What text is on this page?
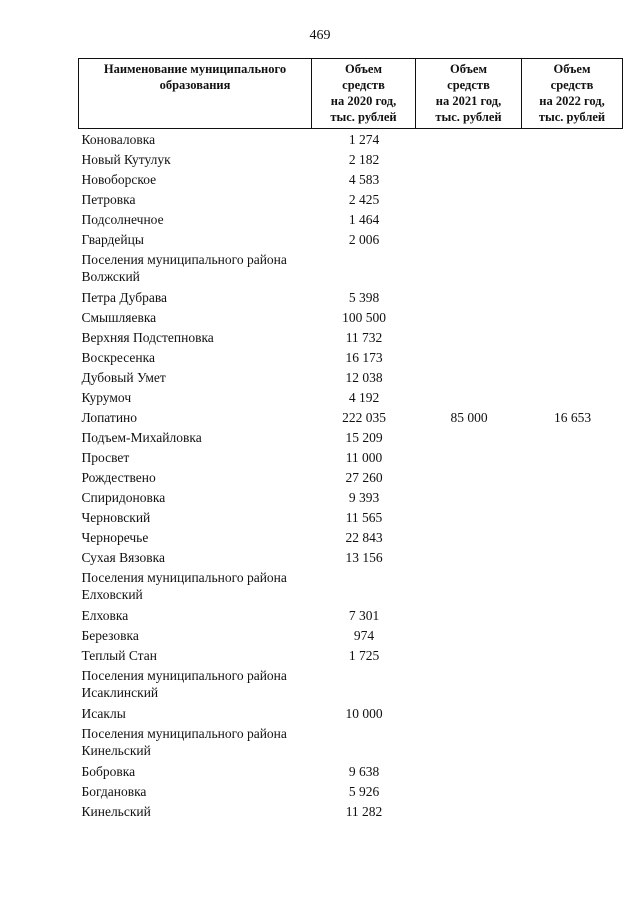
469
Наименование муниципального
образования	Объем
средств
на 2020 год,
тыс. рублей	Объем
средств
на 2021 год,
тыс. рублей	Объем
средств
на 2022 год,
тыс. рублей

Коноваловка	1 274		
Новый Кутулук	2 182		
Новоборское	4 583		
Петровка	2 425		
Подсолнечное	1 464		
Гвардейцы	2 006		
Поселения муниципального района Волжский			
Петра Дубрава	5 398		
Смышляевка	100 500		
Верхняя Подстепновка	11 732		
Воскресенка	16 173		
Дубовый Умет	12 038		
Курумоч	4 192		
Лопатино	222 035	85 000	16 653
Подъем-Михайловка	15 209		
Просвет	11 000		
Рождествено	27 260		
Спиридоновка	9 393		
Черновский	11 565		
Черноречье	22 843		
Сухая Вязовка	13 156		
Поселения муниципального района Елховский			
Елховка	7 301		
Березовка	974		
Теплый Стан	1 725		
Поселения муниципального района Исаклинский			
Исаклы	10 000		
Поселения муниципального района Кинельский			
Бобровка	9 638		
Богдановка	5 926		
Кинельский	11 282		
